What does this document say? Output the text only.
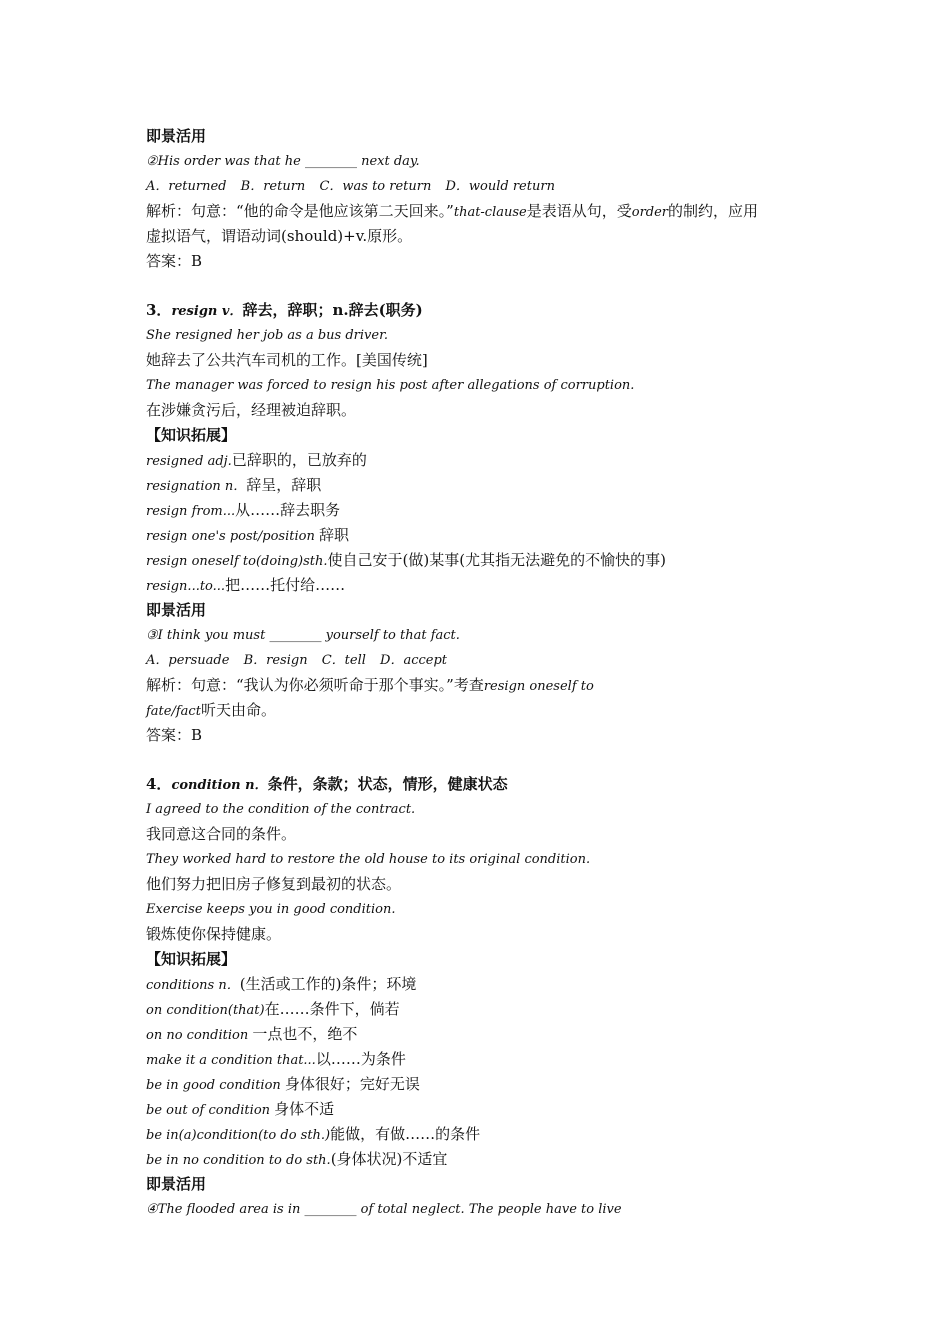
即景活用
②His order was that he ________ next day.
A．returned B．return C．was to return D．would return
解析：句意：“他的命令是他应该第二天回来。”that-clause是表语从句，受order的制约，应用
虚拟语气，谓语动词(should)+v.原形。
答案：B
3．resign v．辞去，辞职；n.辞去(职务)
She resigned her job as a bus driver.
她辞去了公共汽车司机的工作。[美国传统]
The manager was forced to resign his post after allegations of corruption.
在涉嫌贪污后，经理被迫辞职。
【知识拓展】
resigned adj.已辞职的，已放弃的
resignation n．辞呈，辞职
resign from...从……辞去职务
resign one's post/position 辞职
resign oneself to(doing)sth.使自己安于(做)某事(尤其指无法避免的不愉快的事)
resign...to...把……托付给……
即景活用
③I think you must ________ yourself to that fact.
A．persuade B．resign C．tell D．accept
解析：句意：“我认为你必须听命于那个事实。”考查resign oneself to
fate/fact听天由命。
答案：B
4．condition n．条件，条款；状态，情形，健康状态
I agreed to the condition of the contract.
我同意这合同的条件。
They worked hard to restore the old house to its original condition.
他们努力把旧房子修复到最初的状态。
Exercise keeps you in good condition.
锻炼使你保持健康。
【知识拓展】
conditions n．(生活或工作的)条件；环境
on condition(that)在……条件下，倘若
on no condition 一点也不，绝不
make it a condition that...以……为条件
be in good condition 身体很好；完好无误
be out of condition 身体不适
be in(a)condition(to do sth.)能做，有做……的条件
be in no condition to do sth.(身体状况)不适宜
即景活用
④The flooded area is in ________ of total neglect. The people have to live
